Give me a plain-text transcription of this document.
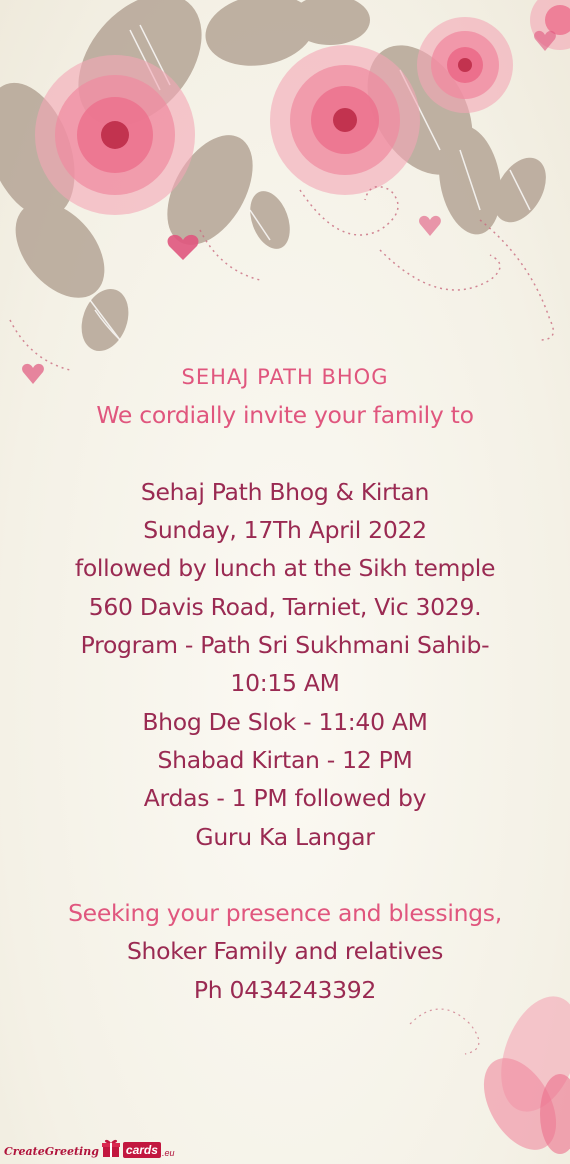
SEHAJ PATH BHOG
We cordially invite your family to
Sehaj Path Bhog & Kirtan
Sunday, 17Th April 2022
followed by lunch at the Sikh temple
560 Davis Road, Tarniet, Vic 3029.
Program - Path Sri Sukhmani Sahib-
10:15 AM
Bhog De Slok - 11:40 AM
Shabad Kirtan - 12 PM
Ardas - 1 PM followed by
Guru Ka Langar
Seeking your presence and blessings,
Shoker Family and relatives
Ph 0434243392
CreateGreeting cards .eu
